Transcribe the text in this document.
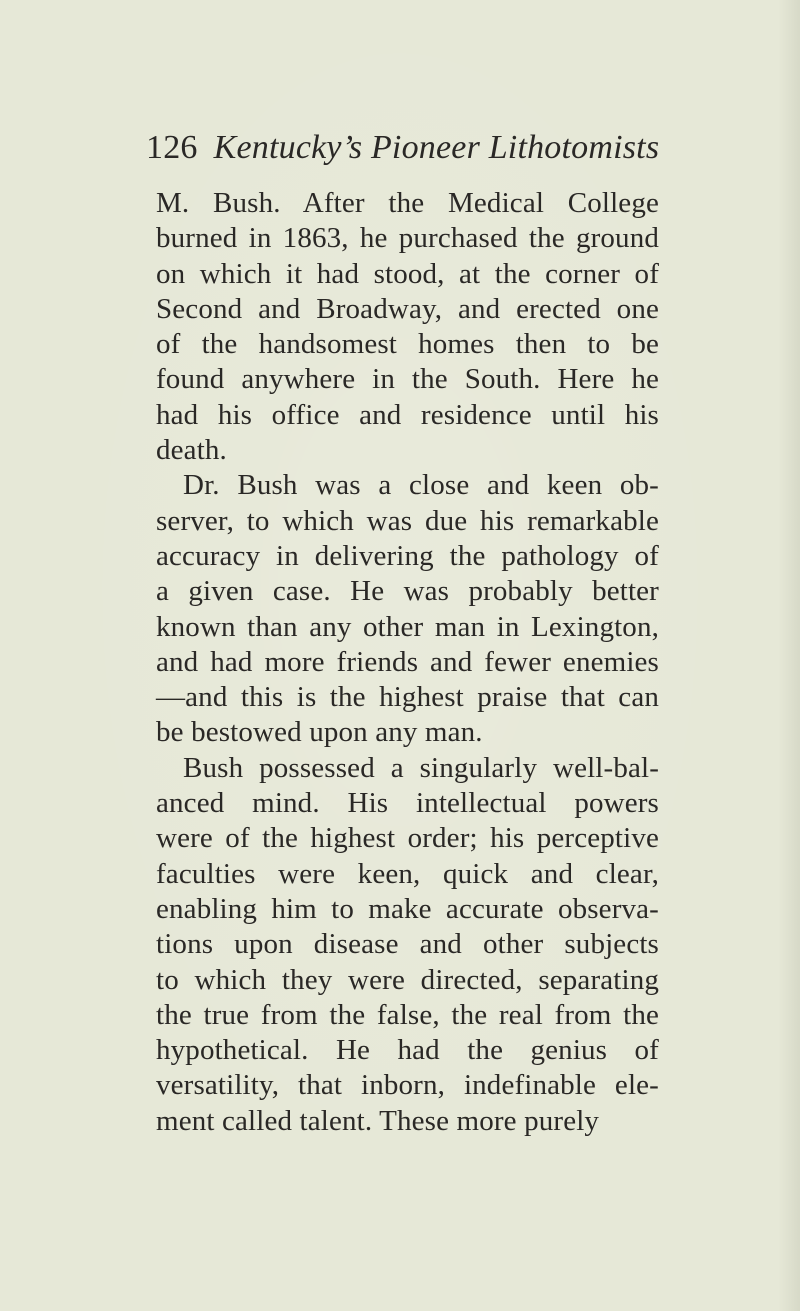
126 Kentucky’s Pioneer Lithotomists
M. Bush. After the Medical College
burned in 1863, he purchased the ground
on which it had stood, at the corner of
Second and Broadway, and erected one
of the handsomest homes then to be
found anywhere in the South. Here he
had his office and residence until his
death.
Dr. Bush was a close and keen ob-
server, to which was due his remarkable
accuracy in delivering the pathology of
a given case. He was probably better
known than any other man in Lexington,
and had more friends and fewer enemies
—and this is the highest praise that can
be bestowed upon any man.
Bush possessed a singularly well-bal-
anced mind. His intellectual powers
were of the highest order; his perceptive
faculties were keen, quick and clear,
enabling him to make accurate observa-
tions upon disease and other subjects
to which they were directed, separating
the true from the false, the real from the
hypothetical. He had the genius of
versatility, that inborn, indefinable ele-
ment called talent. These more purely
